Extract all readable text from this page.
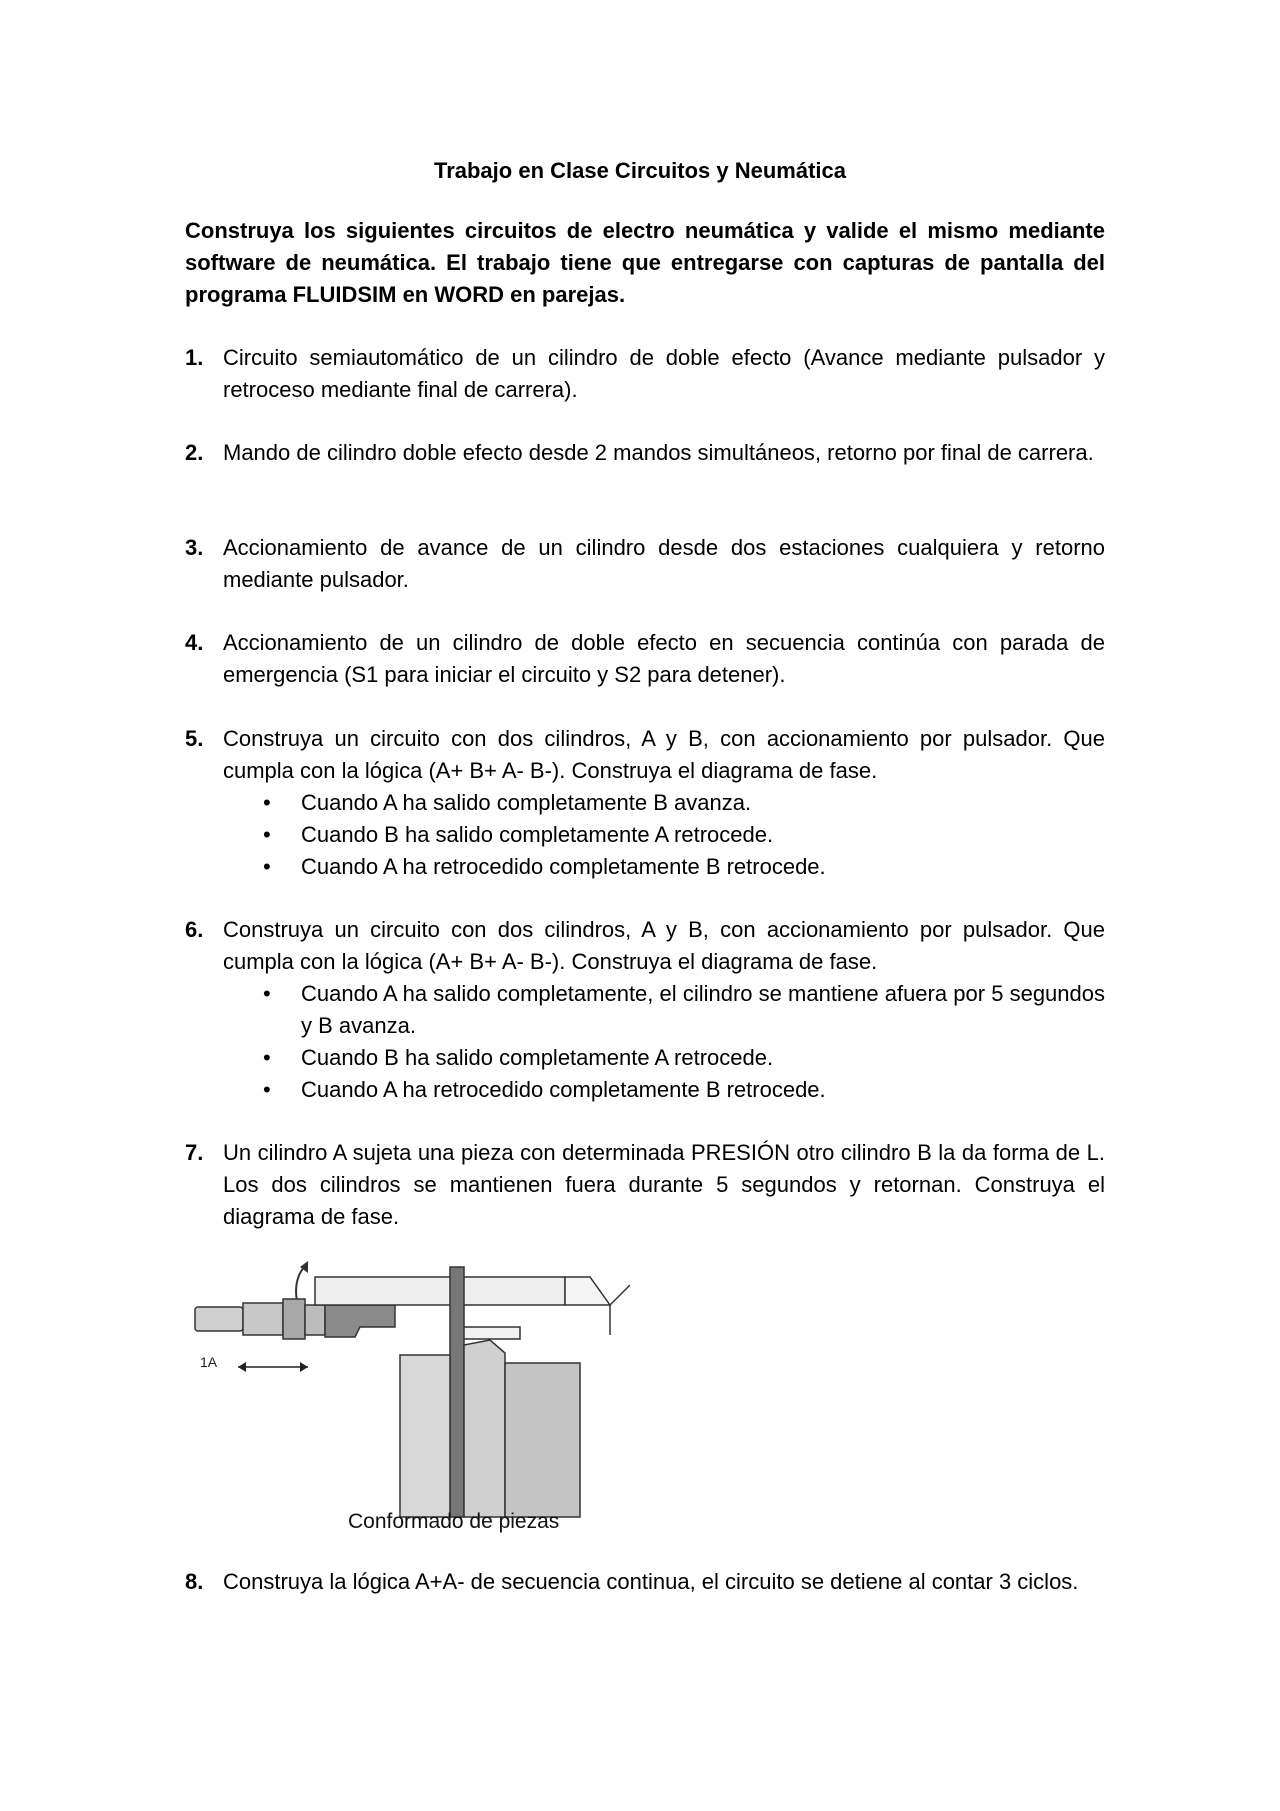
Trabajo en Clase Circuitos y Neumática
Construya los siguientes circuitos de electro neumática y valide el mismo mediante software de neumática. El trabajo tiene que entregarse con capturas de pantalla del programa FLUIDSIM en WORD en parejas.
1. Circuito semiautomático de un cilindro de doble efecto (Avance mediante pulsador y retroceso mediante final de carrera).
2. Mando de cilindro doble efecto desde 2 mandos simultáneos, retorno por final de carrera.
3. Accionamiento de avance de un cilindro desde dos estaciones cualquiera y retorno mediante pulsador.
4. Accionamiento de un cilindro de doble efecto en secuencia continúa con parada de emergencia (S1 para iniciar el circuito y S2 para detener).
5. Construya un circuito con dos cilindros, A y B, con accionamiento por pulsador. Que cumpla con la lógica (A+ B+ A- B-). Construya el diagrama de fase.
• Cuando A ha salido completamente B avanza.
• Cuando B ha salido completamente A retrocede.
• Cuando A ha retrocedido completamente B retrocede.
6. Construya un circuito con dos cilindros, A y B, con accionamiento por pulsador. Que cumpla con la lógica (A+ B+ A- B-). Construya el diagrama de fase.
• Cuando A ha salido completamente, el cilindro se mantiene afuera por 5 segundos y B avanza.
• Cuando B ha salido completamente A retrocede.
• Cuando A ha retrocedido completamente B retrocede.
7. Un cilindro A sujeta una pieza con determinada PRESIÓN otro cilindro B la da forma de L. Los dos cilindros se mantienen fuera durante 5 segundos y retornan. Construya el diagrama de fase.
1A
Conformado de piezas
8. Construya la lógica A+A- de secuencia continua, el circuito se detiene al contar 3 ciclos.
